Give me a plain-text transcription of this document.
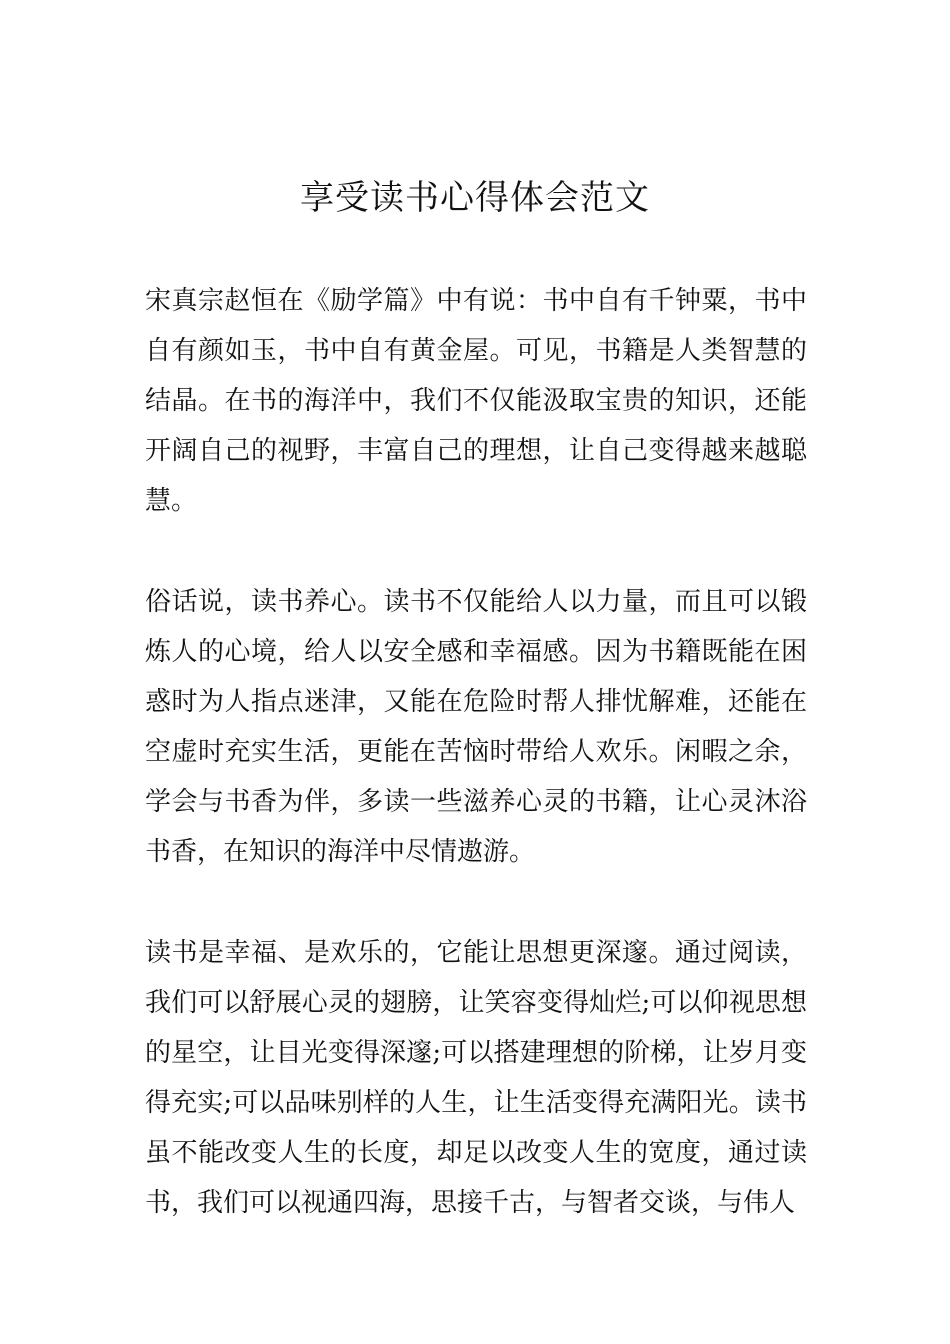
享受读书心得体会范文

宋真宗赵恒在《励学篇》中有说：书中自有千钟粟，书中自有颜如玉，书中自有黄金屋。可见，书籍是人类智慧的结晶。在书的海洋中，我们不仅能汲取宝贵的知识，还能开阔自己的视野，丰富自己的理想，让自己变得越来越聪慧。

俗话说，读书养心。读书不仅能给人以力量，而且可以锻炼人的心境，给人以安全感和幸福感。因为书籍既能在困惑时为人指点迷津，又能在危险时帮人排忧解难，还能在空虚时充实生活，更能在苦恼时带给人欢乐。闲暇之余，学会与书香为伴，多读一些滋养心灵的书籍，让心灵沐浴书香，在知识的海洋中尽情遨游。

读书是幸福、是欢乐的，它能让思想更深邃。通过阅读，我们可以舒展心灵的翅膀，让笑容变得灿烂;可以仰视思想的星空，让目光变得深邃;可以搭建理想的阶梯，让岁月变得充实;可以品味别样的人生，让生活变得充满阳光。读书虽不能改变人生的长度，却足以改变人生的宽度，通过读书，我们可以视通四海，思接千古，与智者交谈，与伟人
